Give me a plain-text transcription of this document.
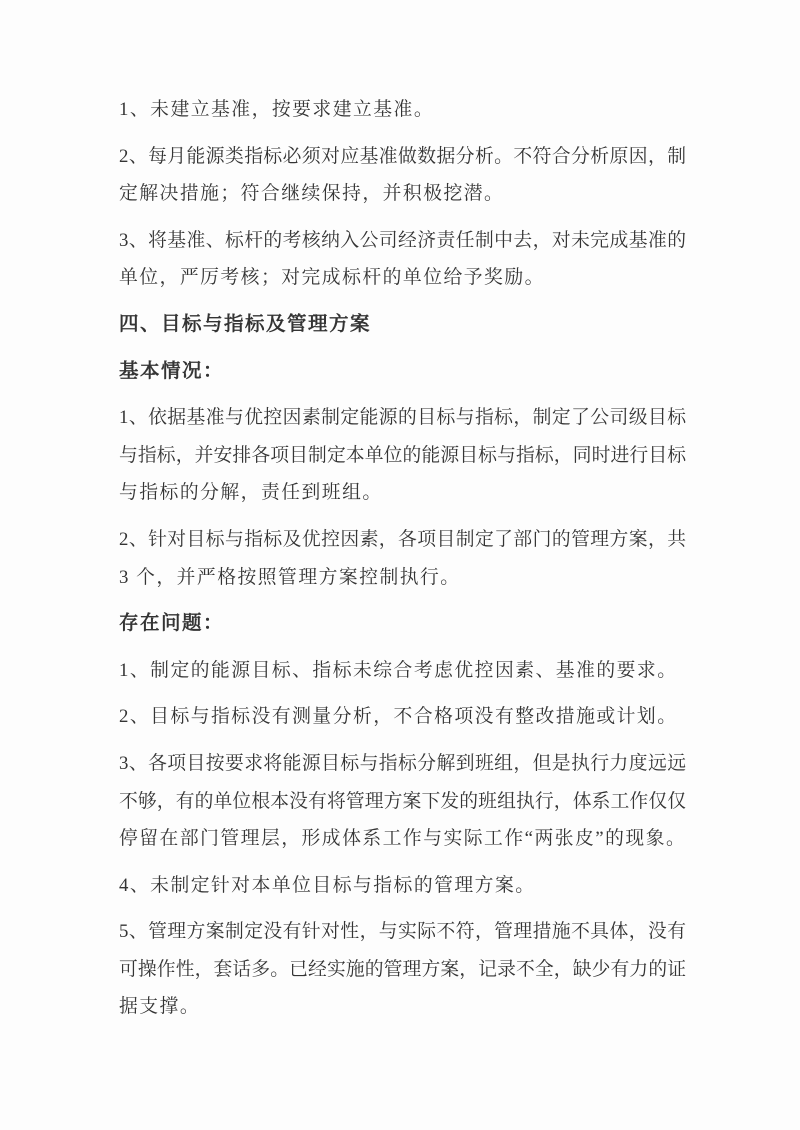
1、未建立基准，按要求建立基准。
2、每月能源类指标必须对应基准做数据分析。不符合分析原因，制
定解决措施；符合继续保持，并积极挖潜。
3、将基准、标杆的考核纳入公司经济责任制中去，对未完成基准的
单位，严厉考核；对完成标杆的单位给予奖励。
四、目标与指标及管理方案
基本情况：
1、依据基准与优控因素制定能源的目标与指标，制定了公司级目标
与指标，并安排各项目制定本单位的能源目标与指标，同时进行目标
与指标的分解，责任到班组。
2、针对目标与指标及优控因素，各项目制定了部门的管理方案，共
3 个，并严格按照管理方案控制执行。
存在问题：
1、制定的能源目标、指标未综合考虑优控因素、基准的要求。
2、目标与指标没有测量分析，不合格项没有整改措施或计划。
3、各项目按要求将能源目标与指标分解到班组，但是执行力度远远
不够，有的单位根本没有将管理方案下发的班组执行，体系工作仅仅
停留在部门管理层，形成体系工作与实际工作“两张皮”的现象。
4、未制定针对本单位目标与指标的管理方案。
5、管理方案制定没有针对性，与实际不符，管理措施不具体，没有
可操作性，套话多。已经实施的管理方案，记录不全，缺少有力的证
据支撑。
